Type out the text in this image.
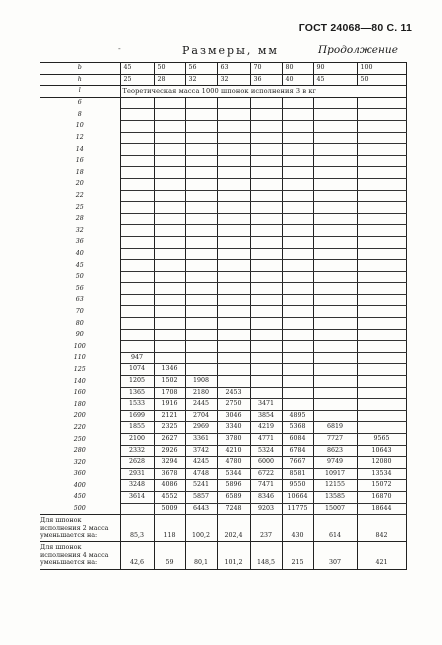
ГОСТ 24068—80 С. 11
-	Размеры, мм	Продолжение
b	45	50	56	63	70	80	90	100
h	25	28	32	32	36	40	45	50
l	Теоретическая масса 1000 шпонок исполнения 3 в кг							
6								
8								
10								
12								
14								
16								
18								
20								
22								
25								
28								
32								
36								
40								
45								
50								
56								
63								
70								
80								
90								
100								
110	947							
125	1074	1346						
140	1205	1502	1908					
160	1365	1708	2180	2453				
180	1533	1916	2445	2750	3471			
200	1699	2121	2704	3046	3854	4895		
220	1855	2325	2969	3340	4219	5368	6819	
250	2100	2627	3361	3780	4771	6084	7727	9565
280	2332	2926	3742	4210	5324	6784	8623	10643
320	2628	3294	4245	4780	6000	7667	9749	12080
360	2931	3678	4748	5344	6722	8581	10917	13534
400	3248	4086	5241	5896	7471	9550	12155	15072
450	3614	4552	5857	6589	8346	10664	13585	16870
500		5009	6443	7248	9203	11775	15007	18644
Для шпонок исполнения 2 масса уменьшается на:	85,3	118	100,2	202,4	237	430	614	842
Для шпонок исполнения 4 масса уменьшается на:	42,6	59	80,1	101,2	148,5	215	307	421
